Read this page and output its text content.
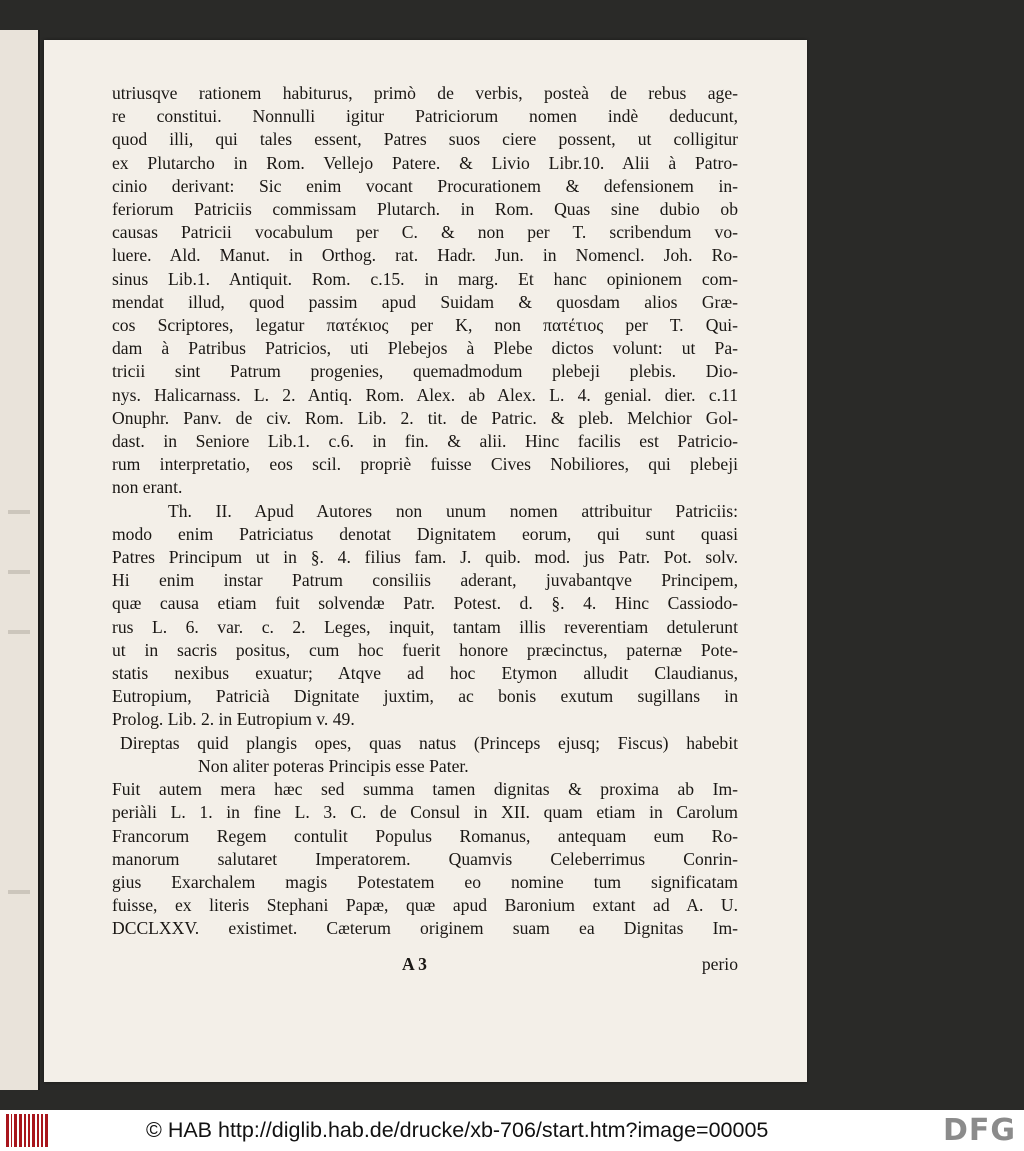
utriusqve rationem habiturus, primò de verbis, posteà de rebus age-
re constitui. Nonnulli igitur Patriciorum nomen indè deducunt,
quod illi, qui tales essent, Patres suos ciere possent, ut colligitur
ex Plutarcho in Rom. Vellejo Patere. & Livio Libr.10. Alii à Patro-
cinio derivant: Sic enim vocant Procurationem & defensionem in-
feriorum Patriciis commissam Plutarch. in Rom. Quas sine dubio ob
causas Patricii vocabulum per C. & non per T. scribendum vo-
luere. Ald. Manut. in Orthog. rat. Hadr. Jun. in Nomencl. Joh. Ro-
sinus Lib.1. Antiquit. Rom. c.15. in marg. Et hanc opinionem com-
mendat illud, quod passim apud Suidam & quosdam alios Græ-
cos Scriptores, legatur πατέκιος per K, non πατέτιος per T. Qui-
dam à Patribus Patricios, uti Plebejos à Plebe dictos volunt: ut Pa-
tricii sint Patrum progenies, quemadmodum plebeji plebis. Dio-
nys. Halicarnass. L. 2. Antiq. Rom. Alex. ab Alex. L. 4. genial. dier. c.11
Onuphr. Panv. de civ. Rom. Lib. 2. tit. de Patric. & pleb. Melchior Gol-
dast. in Seniore Lib.1. c.6. in fin. & alii. Hinc facilis est Patricio-
rum interpretatio, eos scil. propriè fuisse Cives Nobiliores, qui plebeji
non erant.
Th. II. Apud Autores non unum nomen attribuitur Patriciis:
modo enim Patriciatus denotat Dignitatem eorum, qui sunt quasi
Patres Principum ut in §. 4. filius fam. J. quib. mod. jus Patr. Pot. solv.
Hi enim instar Patrum consiliis aderant, juvabantqve Principem,
quæ causa etiam fuit solvendæ Patr. Potest. d. §. 4. Hinc Cassiodo-
rus L. 6. var. c. 2. Leges, inquit, tantam illis reverentiam detulerunt
ut in sacris positus, cum hoc fuerit honore præcinctus, paternæ Pote-
statis nexibus exuatur; Atqve ad hoc Etymon alludit Claudianus,
Eutropium, Patricià Dignitate juxtim, ac bonis exutum sugillans in
Prolog. Lib. 2. in Eutropium v. 49.
Direptas quid plangis opes, quas natus (Princeps ejusq; Fiscus) habebit
Non aliter poteras Principis esse Pater.
Fuit autem mera hæc sed summa tamen dignitas & proxima ab Im-
periàli L. 1. in fine L. 3. C. de Consul in XII. quam etiam in Carolum
Francorum Regem contulit Populus Romanus, antequam eum Ro-
manorum salutaret Imperatorem. Quamvis Celeberrimus Conrin-
gius Exarchalem magis Potestatem eo nomine tum significatam
fuisse, ex literis Stephani Papæ, quæ apud Baronium extant ad A. U.
DCCLXXV. existimet. Cæterum originem suam ea Dignitas Im-
A 3	perio
© HAB http://diglib.hab.de/drucke/xb-706/start.htm?image=00005	DFG
